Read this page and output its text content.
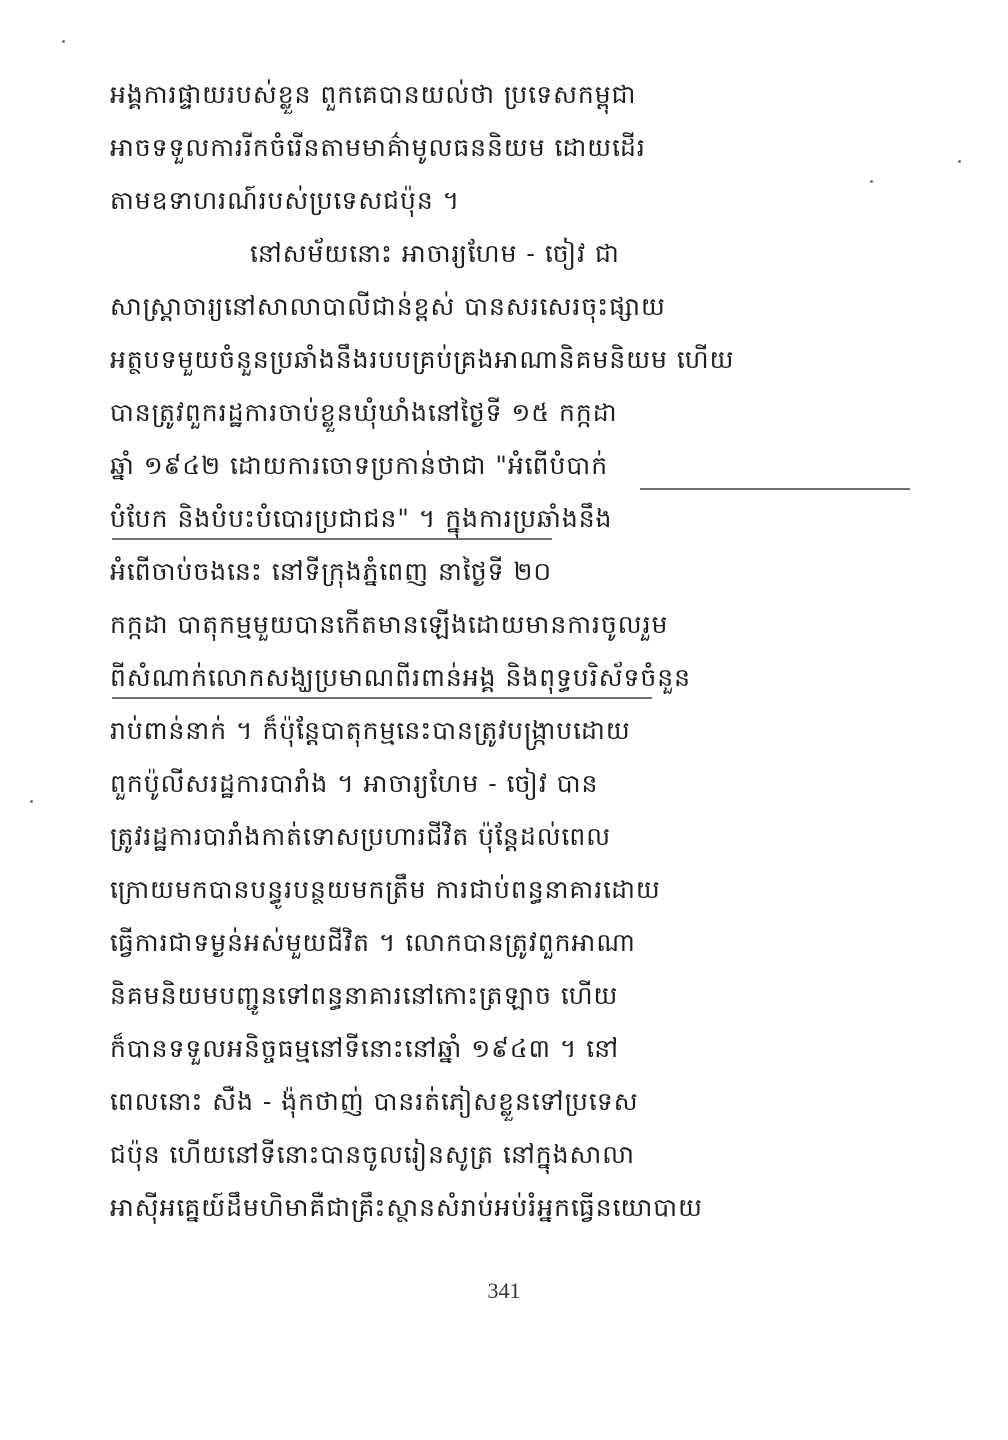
អង្គការផ្ទាយរបស់ខ្លួន ពួកគេបានយល់ថា ប្រទេសកម្ពុជា
អាចទទួលការរីកចំរើនតាមមាគ៌ាមូលធននិយម ដោយដើរ
តាមឧទាហរណ៍របស់ប្រទេសជប៉ុន ។
នៅសម័យនោះ អាចារ្យហែម - ចៀវ ជា
សាស្ត្រាចារ្យនៅសាលាបាលីជាន់ខ្ពស់ បានសរសេរចុះផ្សាយ
អត្ថបទមួយចំនួនប្រឆាំងនឹងរបបគ្រប់គ្រងអាណានិគមនិយម ហើយ
បានត្រូវពួករដ្ឋការចាប់ខ្លួនឃុំឃាំងនៅថ្ងៃទី ១៥ កក្កដា
ឆ្នាំ ១៩៤២ ដោយការចោទប្រកាន់ថាជា "អំពើបំបាក់
បំបែក និងបំបះបំបោរប្រជាជន" ។ ក្នុងការប្រឆាំងនឹង
អំពើចាប់ចងនេះ នៅទីក្រុងភ្នំពេញ នាថ្ងៃទី ២០
កក្កដា បាតុកម្មមួយបានកើតមានឡើងដោយមានការចូលរួម
ពីសំណាក់លោកសង្ឃប្រមាណពីរពាន់អង្គ និងពុទ្ធបរិស័ទចំនួន
រាប់ពាន់នាក់ ។ ក៏ប៉ុន្តែបាតុកម្មនេះបានត្រូវបង្ក្រាបដោយ
ពួកប៉ូលីសរដ្ឋការបារាំង ។ អាចារ្យហែម - ចៀវ បាន
ត្រូវរដ្ឋការបារាំងកាត់ទោសប្រហារជីវិត ប៉ុន្តែដល់ពេល
ក្រោយមកបានបន្ធូរបន្ថយមកត្រឹម ការជាប់ពន្ធនាគារដោយ
ធ្វើការជាទម្ងន់អស់មួយជីវិត ។ លោកបានត្រូវពួកអាណា
និគមនិយមបញ្ជូនទៅពន្ធនាគារនៅកោះត្រឡាច ហើយ
ក៏បានទទួលអនិច្ចធម្មនៅទីនោះនៅឆ្នាំ ១៩៤៣ ។ នៅ
ពេលនោះ សឺង - ង៉ុកថាញ់ បានរត់ភៀសខ្លួនទៅប្រទេស
ជប៉ុន ហើយនៅទីនោះបានចូលរៀនសូត្រ នៅក្នុងសាលា
អាស៊ីអគ្នេយ៍ដឹមហិមាគឺជាគ្រឹះស្ថានសំរាប់អប់រំអ្នកធ្វើនយោបាយ
341
